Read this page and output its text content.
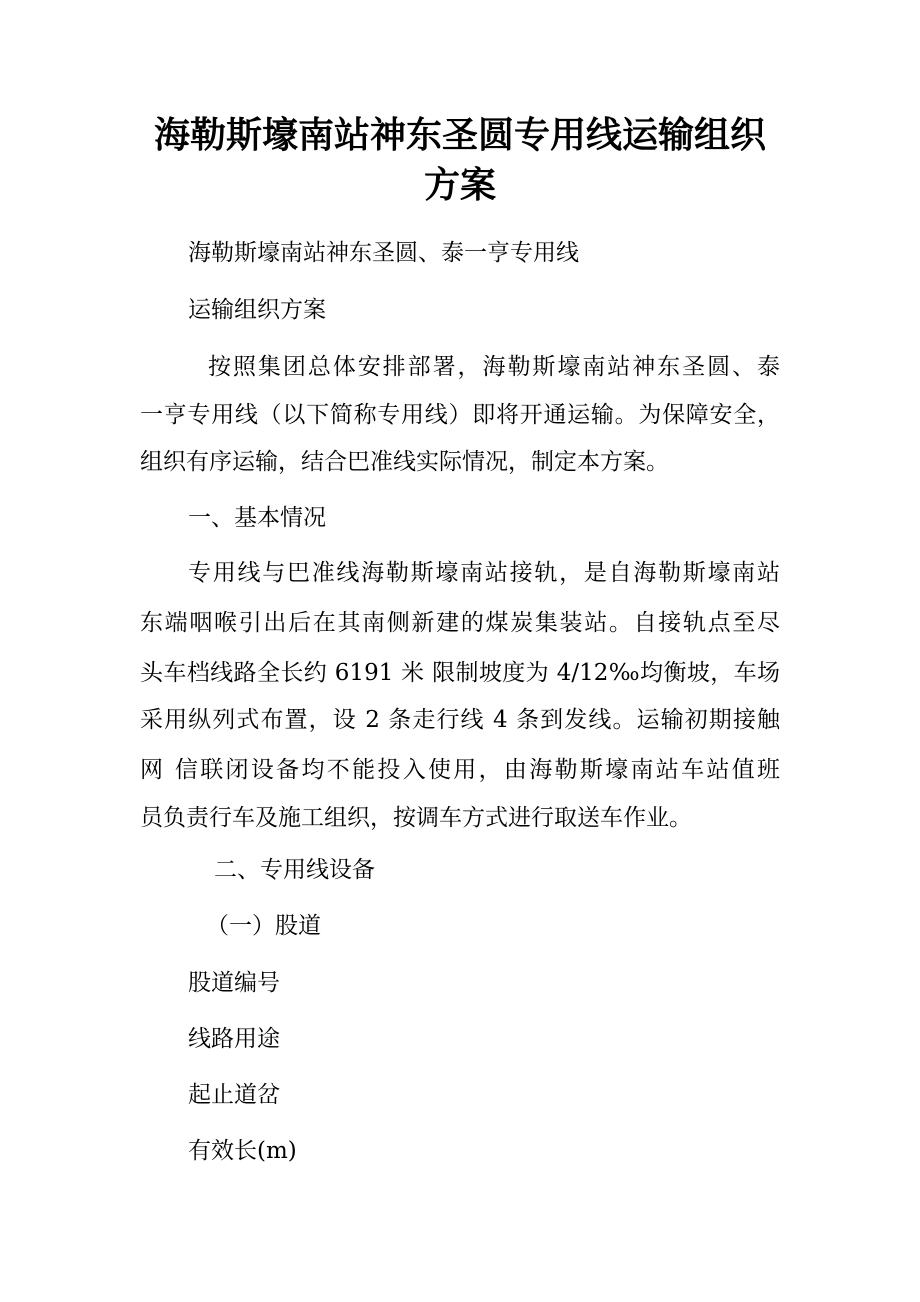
海勒斯壕南站神东圣圆专用线运输组织
方案
海勒斯壕南站神东圣圆、泰一亨专用线
运输组织方案
按照集团总体安排部署，海勒斯壕南站神东圣圆、泰
一亨专用线（以下简称专用线）即将开通运输。为保障安全，
组织有序运输，结合巴准线实际情况，制定本方案。
一、基本情况
专用线与巴准线海勒斯壕南站接轨，是自海勒斯壕南站
东端咽喉引出后在其南侧新建的煤炭集装站。自接轨点至尽
头车档线路全长约 6191 米 限制坡度为 4/12‰均衡坡，车场
采用纵列式布置，设 2 条走行线 4 条到发线。运输初期接触
网 信联闭设备均不能投入使用，由海勒斯壕南站车站值班
员负责行车及施工组织，按调车方式进行取送车作业。
二、专用线设备
（一）股道
股道编号
线路用途
起止道岔
有效长(m)
